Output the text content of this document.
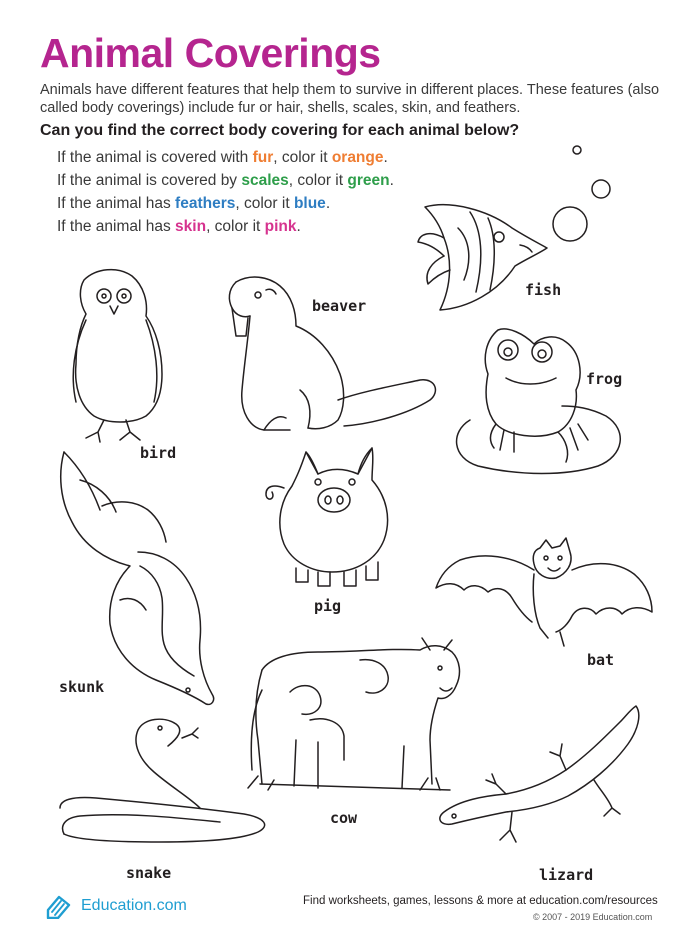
Animal Coverings

Animals have different features that help them to survive in different places. These features (also called body coverings) include fur or hair, shells, scales, skin, and feathers.

Can you find the correct body covering for each animal below?

If the animal is covered with fur, color it orange.
If the animal is covered by scales, color it green.
If the animal has feathers, color it blue.
If the animal has skin, color it pink.
beaver
fish
frog
bird
pig
bat
skunk
cow
snake	lizard
Education.com	Find worksheets, games, lessons & more at education.com/resources
© 2007 - 2019 Education.com
